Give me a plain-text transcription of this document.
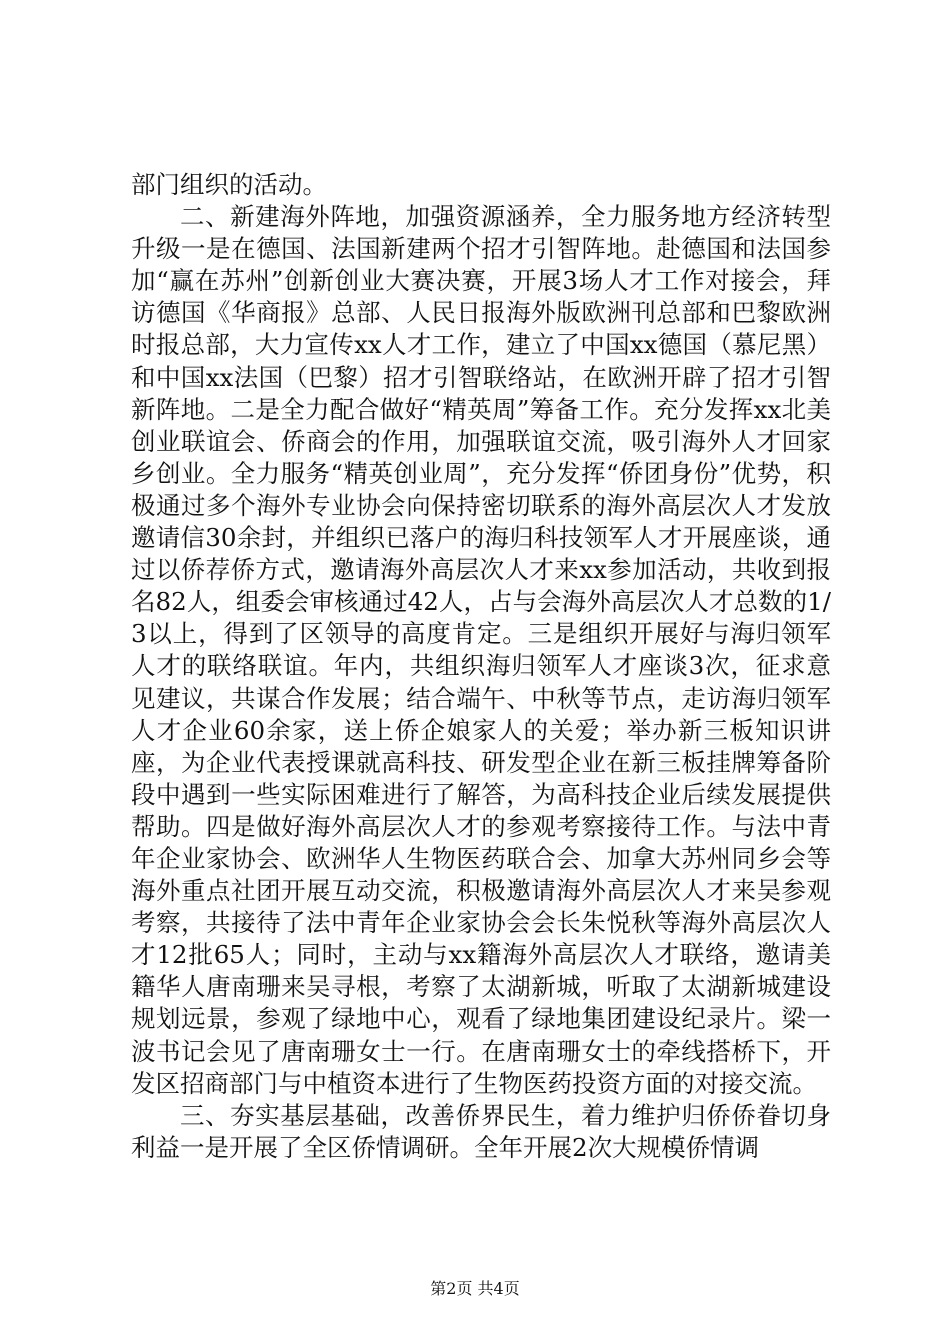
部门组织的活动。

二、新建海外阵地，加强资源涵养，全力服务地方经济转型升级一是在德国、法国新建两个招才引智阵地。赴德国和法国参加“赢在苏州”创新创业大赛决赛，开展3场人才工作对接会，拜访德国《华商报》总部、人民日报海外版欧洲刊总部和巴黎欧洲时报总部，大力宣传xx人才工作，建立了中国xx德国（慕尼黑）和中国xx法国（巴黎）招才引智联络站，在欧洲开辟了招才引智新阵地。二是全力配合做好“精英周”筹备工作。充分发挥xx北美创业联谊会、侨商会的作用，加强联谊交流，吸引海外人才回家乡创业。全力服务“精英创业周”，充分发挥“侨团身份”优势，积极通过多个海外专业协会向保持密切联系的海外高层次人才发放邀请信30余封，并组织已落户的海归科技领军人才开展座谈，通过以侨荐侨方式，邀请海外高层次人才来xx参加活动，共收到报名82人，组委会审核通过42人，占与会海外高层次人才总数的1/3以上，得到了区领导的高度肯定。三是组织开展好与海归领军人才的联络联谊。年内，共组织海归领军人才座谈3次，征求意见建议，共谋合作发展；结合端午、中秋等节点，走访海归领军人才企业60余家，送上侨企娘家人的关爱；举办新三板知识讲座，为企业代表授课就高科技、研发型企业在新三板挂牌筹备阶段中遇到一些实际困难进行了解答，为高科技企业后续发展提供帮助。四是做好海外高层次人才的参观考察接待工作。与法中青年企业家协会、欧洲华人生物医药联合会、加拿大苏州同乡会等海外重点社团开展互动交流，积极邀请海外高层次人才来吴参观考察，共接待了法中青年企业家协会会长朱悦秋等海外高层次人才12批65人；同时，主动与xx籍海外高层次人才联络，邀请美籍华人唐南珊来吴寻根，考察了太湖新城，听取了太湖新城建设规划远景，参观了绿地中心，观看了绿地集团建设纪录片。梁一波书记会见了唐南珊女士一行。在唐南珊女士的牵线搭桥下，开发区招商部门与中植资本进行了生物医药投资方面的对接交流。

三、夯实基层基础，改善侨界民生，着力维护归侨侨眷切身利益一是开展了全区侨情调研。全年开展2次大规模侨情调

第2页 共4页
